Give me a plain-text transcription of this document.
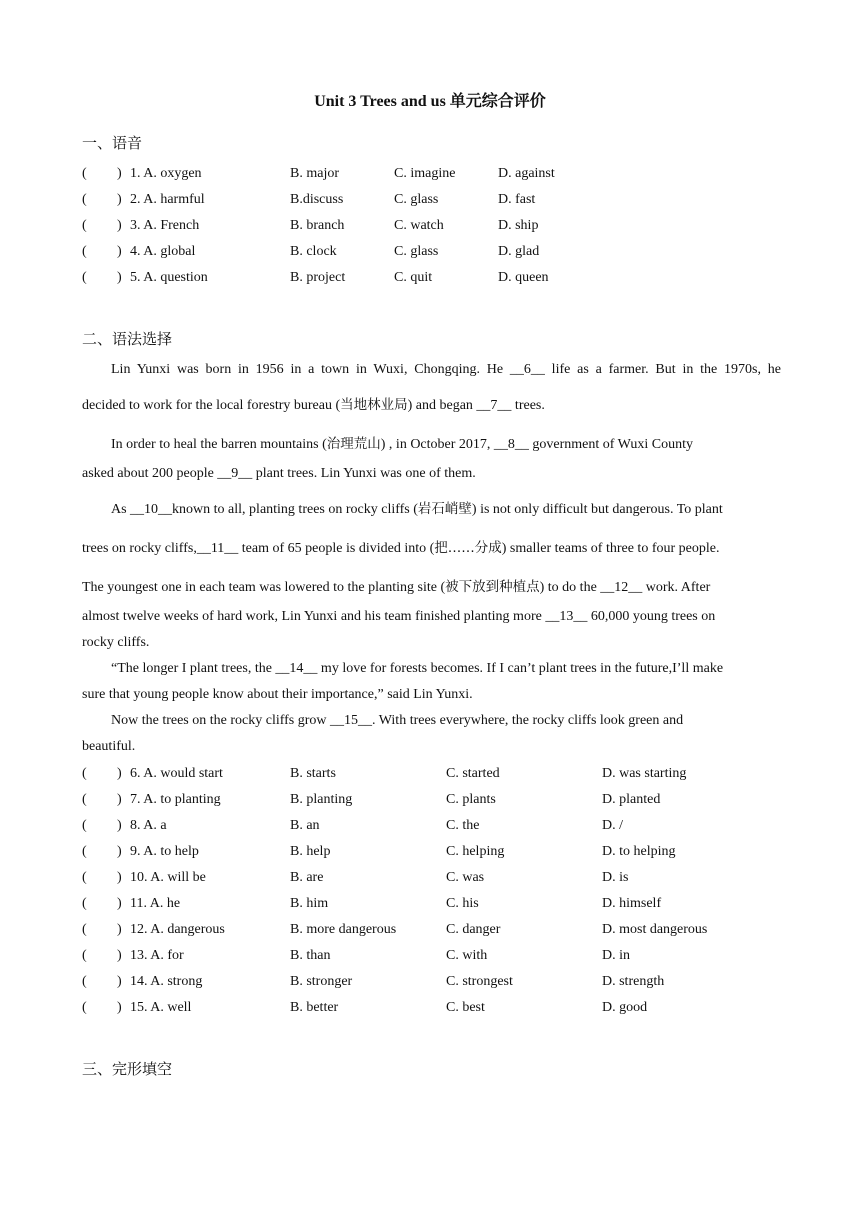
Unit 3 Trees and us 单元综合评价
一、语音
( ) 1. A. oxygen	B. major	C. imagine	D. against
( ) 2. A. harmful	B.discuss	C. glass	D. fast
( ) 3. A. French	B. branch	C. watch	D. ship
( ) 4. A. global	B. clock	C. glass	D. glad
( ) 5. A. question	B. project	C. quit	D. queen
二、语法选择
Lin Yunxi was born in 1956 in a town in Wuxi, Chongqing. He __6__ life as a farmer. But in the 1970s, he
decided to work for the local forestry bureau (当地林业局) and began __7__ trees.
In order to heal the barren mountains (治理荒山) , in October 2017, __8__ government of Wuxi County
asked about 200 people __9__ plant trees. Lin Yunxi was one of them.
As __10__known to all, planting trees on rocky cliffs (岩石峭壁) is not only difficult but dangerous. To plant
trees on rocky cliffs,__11__ team of 65 people is divided into (把……分成) smaller teams of three to four people.
The youngest one in each team was lowered to the planting site (被下放到种植点) to do the __12__ work. After
almost twelve weeks of hard work, Lin Yunxi and his team finished planting more __13__ 60,000 young trees on
rocky cliffs.
“The longer I plant trees, the __14__ my love for forests becomes. If I can’t plant trees in the future,I’ll make
sure that young people know about their importance,” said Lin Yunxi.
Now the trees on the rocky cliffs grow __15__. With trees everywhere, the rocky cliffs look green and
beautiful.
( ) 6. A. would start	B. starts	C. started	D. was starting
( ) 7. A. to planting	B. planting	C. plants	D. planted
( ) 8. A. a	B. an	C. the	D. /
( ) 9. A. to help	B. help	C. helping	D. to helping
( ) 10. A. will be	B. are	C. was	D. is
( ) 11. A. he	B. him	C. his	D. himself
( ) 12. A. dangerous	B. more dangerous	C. danger	D. most dangerous
( ) 13. A. for	B. than	C. with	D. in
( ) 14. A. strong	B. stronger	C. strongest	D. strength
( ) 15. A. well	B. better	C. best	D. good
三、完形填空
